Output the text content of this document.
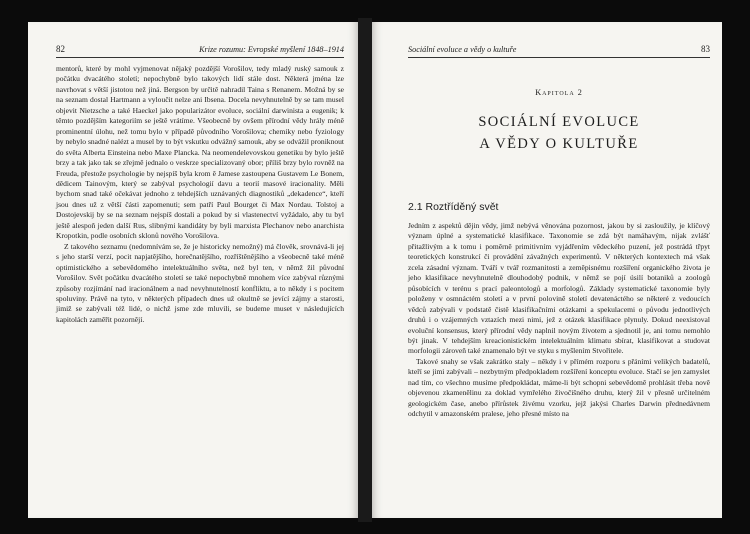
82	Krize rozumu: Evropské myšlení 1848–1914

mentorů, které by mohl vyjmenovat nějaký pozdější Vorošilov, tedy mladý ruský samouk z počátku dvacátého století; nepochybně bylo takových lidí stále dost. Některá jména lze navrhovat s větší jistotou než jiná. Bergson by určitě nahradil Taina s Renanem. Možná by se na seznam dostal Hartmann a vyloučit nelze ani Ibsena. Docela nevyhnutelně by se tam musel objevit Nietzsche a také Haeckel jako popularizátor evoluce, sociální darwinista a eugenik; k těmto pozdějším kategoriím se ještě vrátíme. Všeobecně by ovšem přírodní vědy hrály méně prominentní úlohu, než tomu bylo v případě původního Vorošilova; chemiky nebo fyziology by nebylo snadné nalézt a musel by to být vskutku odvážný samouk, aby se odvážil proniknout do světa Alberta Einsteina nebo Maxe Plancka. Na neomendelevovskou genetiku by bylo ještě brzy a tak jako tak se zřejmě jednalo o veskrze specializovaný obor; příliš brzy bylo rovněž na Freuda, přestože psychologie by nejspíš byla krom ě Jamese zastoupena Gustavem Le Bonem, dědicem Tainovým, který se zabýval psychologií davu a teorií masové iracionality. Měli bychom snad také očekávat jednoho z tehdejších uznávaných diagnostiků „dekadence“, kteří jsou dnes už z větší části zapomenuti; sem patří Paul Bourget či Max Nordau. Tolstoj a Dostojevskij by se na seznam nejspíš dostali a pokud by si vlastenectví vyžádalo, aby tu byl ještě alespoň jeden další Rus, slibnými kandidáty by byli marxista Plechanov nebo anarchista Kropotkin, podle osobních sklonů nového Vorošilova.

Z takového seznamu (nedomnívám se, že je historicky nemožný) má člověk, srovnává-li jej s jeho starší verzí, pocit napjatějšího, horečnatějšího, rozříštěnějšího a všeobecně také méně optimistického a sebevědomého intelektuálního světa, než byl ten, v němž žil původní Vorošilov. Svět počátku dvacátého století se také nepochybně mnohem více zabýval různými způsoby rozjímání nad iracionálnem a nad nevyhnutelností konfliktu, a to někdy i s pocitem spoluviny. Právě na tyto, v některých případech dnes už okultně se jevící zájmy a starosti, jimiž se zabývali též lidé, o nichž jsme zde mluvili, se budeme muset v následujících kapitolách zaměřit pozornějí.

Sociální evoluce a vědy o kultuře	83
Kapitola 2
SOCIÁLNÍ EVOLUCE
A VĚDY O KULTUŘE
2.1 Roztříděný svět

Jedním z aspektů dějin vědy, jimž nebývá věnována pozornost, jakou by si zasloužily, je klíčový význam úplné a systematické klasifikace. Taxonomie se zdá být namáhavým, nijak zvlášť přitažlivým a k tomu i poměrně primitivním vyjádřením vědeckého puzení, jež postrádá třpyt teoretických konstrukcí či provádění závažných experimentů. V některých kontextech má však zcela zásadní význam. Tváří v tvář rozmanitosti a zeměpisnému rozšíření organického života je jeho klasifikace nevyhnutelně dlouhodobý podnik, v němž se pojí úsilí botaniků a zoologů působících v terénu s prací paleontologů a morfologů. Základy systematické taxonomie byly položeny v osmnáctém století a v první polovině století devatenáctého se některé z vedoucích vědců zabývali v podstatě čistě klasifikačními otázkami a spekulacemi o původu jednotlivých druhů i o vzájemných vztazích mezi nimi, jež z otázek klasifikace plynuly. Dokud neexistoval evoluční konsensus, který přírodní vědy naplnil novým životem a sjednotil je, ani tomu nemohlo být jinak. V tehdejším kreacionistickém intelektuálním klimatu sbírat, klasifikovat a studovat morfologii zároveň také znamenalo být ve styku s myšlením Stvořitele.

Takové snahy se však zakrátko staly – někdy i v přímém rozporu s přáními velikých badatelů, kteří se jimi zabývali – nezbytným předpokladem rozšíření konceptu evoluce. Stačí se jen zamyslet nad tím, co všechno musíme předpokládat, máme-li být schopni sebevědomě prohlásit třeba nově objevenou zkamenělinu za doklad vymřelého živočišného druhu, který žil v přesně určitelném geologickém čase, anebo přírůstek živému vzorku, jejž jakýsi Charles Darwin přednedávnem odchytil v amazonském pralese, jeho přesné místo na
